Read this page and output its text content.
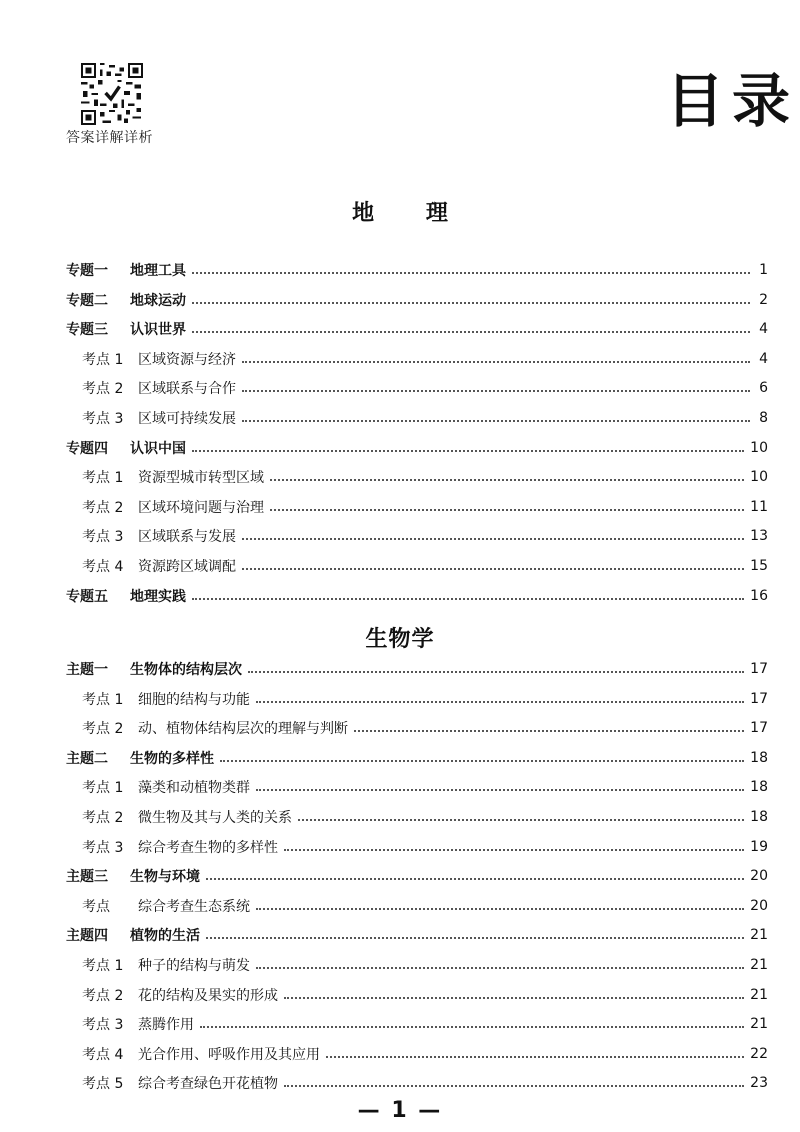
答案详解详析
目录
地 理
生物学
专题一	地理工具	1
专题二	地球运动	2
专题三	认识世界	4
考点 1	区域资源与经济	4
考点 2	区域联系与合作	6
考点 3	区域可持续发展	8
专题四	认识中国	10
考点 1	资源型城市转型区域	10
考点 2	区域环境问题与治理	11
考点 3	区域联系与发展	13
考点 4	资源跨区域调配	15
专题五	地理实践	16
主题一	生物体的结构层次	17
考点 1	细胞的结构与功能	17
考点 2	动、植物体结构层次的理解与判断	17
主题二	生物的多样性	18
考点 1	藻类和动植物类群	18
考点 2	微生物及其与人类的关系	18
考点 3	综合考查生物的多样性	19
主题三	生物与环境	20
考点	综合考查生态系统	20
主题四	植物的生活	21
考点 1	种子的结构与萌发	21
考点 2	花的结构及果实的形成	21
考点 3	蒸腾作用	21
考点 4	光合作用、呼吸作用及其应用	22
考点 5	综合考查绿色开花植物	23
— 1 —
